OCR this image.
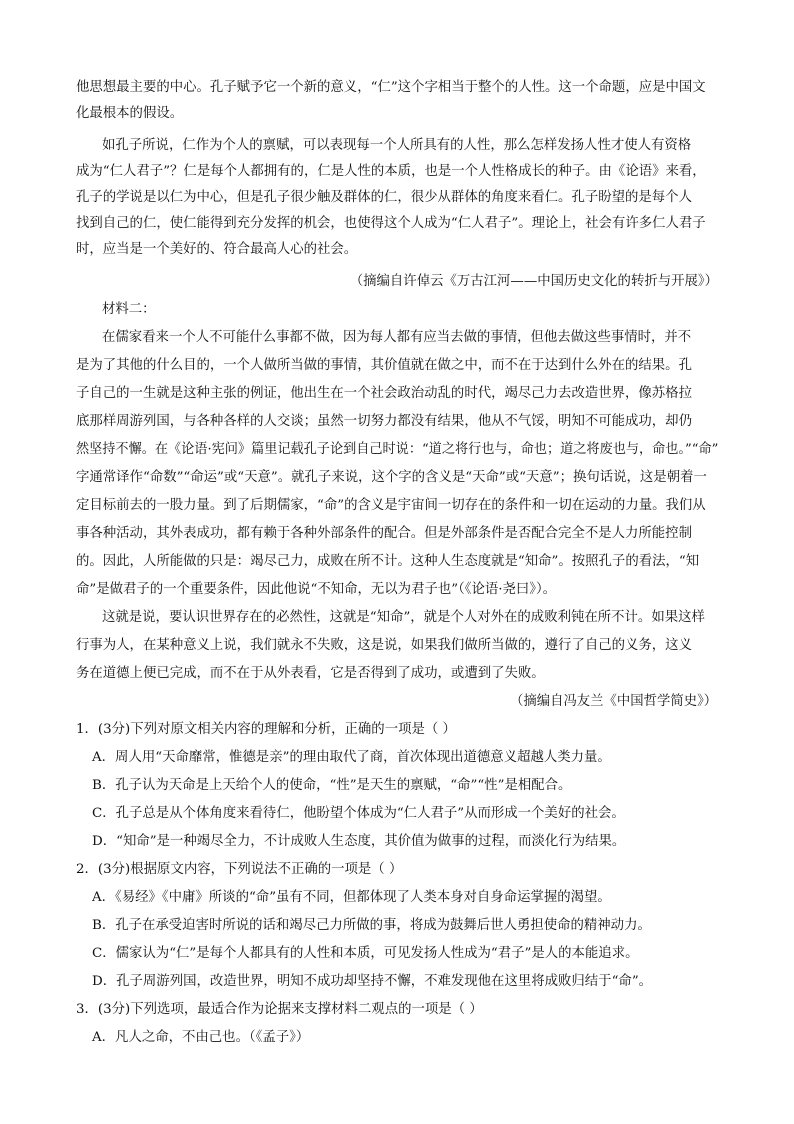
他思想最主要的中心。孔子赋予它一个新的意义，“仁”这个字相当于整个的人性。这一个命题，应是中国文
化最根本的假设。
如孔子所说，仁作为个人的禀赋，可以表现每一个人所具有的人性，那么怎样发扬人性才使人有资格
成为“仁人君子”？仁是每个人都拥有的，仁是人性的本质，也是一个人性格成长的种子。由《论语》来看，
孔子的学说是以仁为中心，但是孔子很少触及群体的仁，很少从群体的角度来看仁。孔子盼望的是每个人
找到自己的仁，使仁能得到充分发挥的机会，也使得这个人成为“仁人君子”。理论上，社会有许多仁人君子
时，应当是一个美好的、符合最高人心的社会。
（摘编自许倬云《万古江河——中国历史文化的转折与开展》）
材料二：
在儒家看来一个人不可能什么事都不做，因为每人都有应当去做的事情，但他去做这些事情时，并不
是为了其他的什么目的，一个人做所当做的事情，其价值就在做之中，而不在于达到什么外在的结果。孔
子自己的一生就是这种主张的例证，他出生在一个社会政治动乱的时代，竭尽己力去改造世界，像苏格拉
底那样周游列国，与各种各样的人交谈；虽然一切努力都没有结果，他从不气馁，明知不可能成功，却仍
然坚持不懈。在《论语·宪问》篇里记载孔子论到自己时说：“道之将行也与，命也；道之将废也与，命也。”“命”
字通常译作“命数”“命运”或“天意”。就孔子来说，这个字的含义是“天命”或“天意”；换句话说，这是朝着一
定目标前去的一股力量。到了后期儒家，“命”的含义是宇宙间一切存在的条件和一切在运动的力量。我们从
事各种活动，其外表成功，都有赖于各种外部条件的配合。但是外部条件是否配合完全不是人力所能控制
的。因此，人所能做的只是：竭尽己力，成败在所不计。这种人生态度就是“知命”。按照孔子的看法，“知
命”是做君子的一个重要条件，因此他说“不知命，无以为君子也”（《论语·尧曰》）。
这就是说，要认识世界存在的必然性，这就是“知命”，就是个人对外在的成败利钝在所不计。如果这样
行事为人，在某种意义上说，我们就永不失败，这是说，如果我们做所当做的，遵行了自己的义务，这义
务在道德上便已完成，而不在于从外表看，它是否得到了成功，或遭到了失败。
（摘编自冯友兰《中国哲学简史》）
1．(3分)下列对原文相关内容的理解和分析，正确的一项是（ ）
A．周人用“天命靡常，惟德是亲”的理由取代了商，首次体现出道德意义超越人类力量。
B．孔子认为天命是上天给个人的使命，“性”是天生的禀赋，“命”“性”是相配合。
C．孔子总是从个体角度来看待仁，他盼望个体成为“仁人君子”从而形成一个美好的社会。
D．“知命”是一种竭尽全力，不计成败人生态度，其价值为做事的过程，而淡化行为结果。
2．(3分)根据原文内容，下列说法不正确的一项是（ ）
A．《易经》《中庸》所谈的“命”虽有不同，但都体现了人类本身对自身命运掌握的渴望。
B．孔子在承受迫害时所说的话和竭尽己力所做的事，将成为鼓舞后世人勇担使命的精神动力。
C．儒家认为“仁”是每个人都具有的人性和本质，可见发扬人性成为“君子”是人的本能追求。
D．孔子周游列国，改造世界，明知不成功却坚持不懈，不难发现他在这里将成败归结于“命”。
3．(3分)下列选项，最适合作为论据来支撑材料二观点的一项是（ ）
A．凡人之命，不由己也。（《孟子》）
